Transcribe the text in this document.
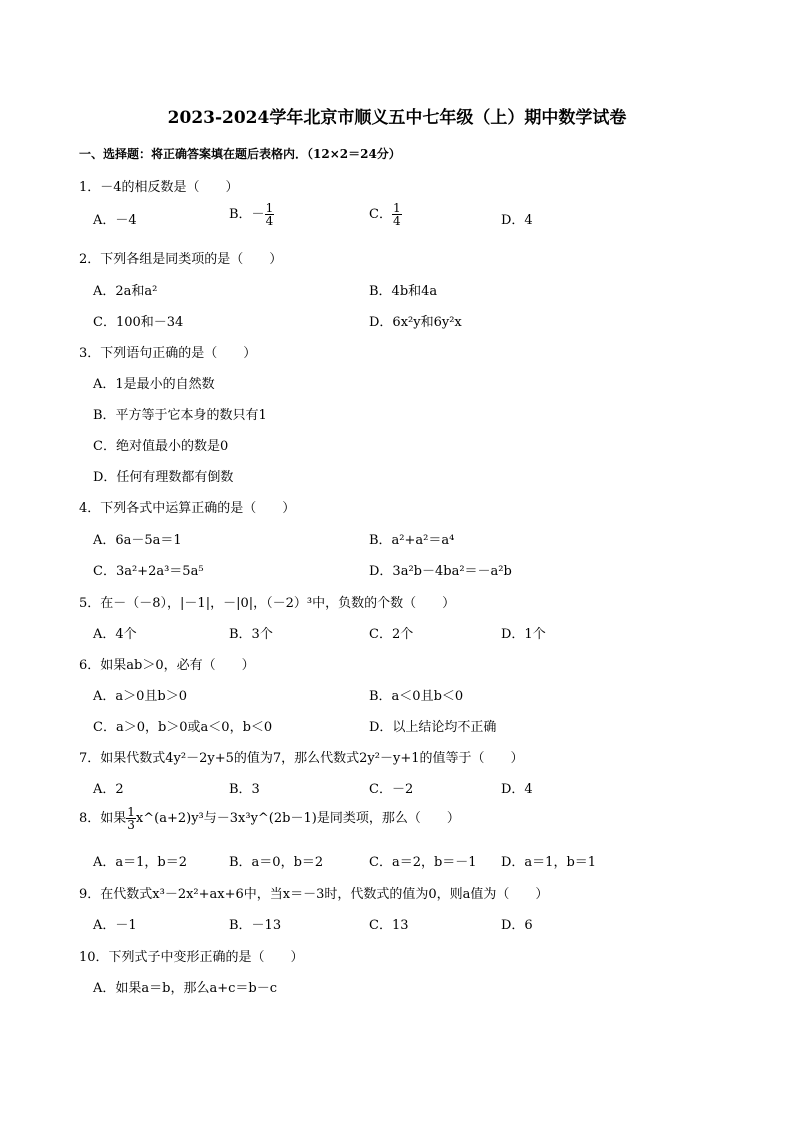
2023-2024学年北京市顺义五中七年级（上）期中数学试卷
一、选择题：将正确答案填在题后表格内．（12×2＝24分）
1．－4的相反数是（　　）
A．－4	B．－ $\frac{1}{4}$	C． $\frac{1}{4}$	D．4
2．下列各组是同类项的是（　　）
A．2a和a²	B．4b和4a
C．100和－34	D．6x²y和6y²x
3．下列语句正确的是（　　）
A．1是最小的自然数
B．平方等于它本身的数只有1
C．绝对值最小的数是0
D．任何有理数都有倒数
4．下列各式中运算正确的是（　　）
A．6a－5a＝1	B．a²+a²＝a⁴
C．3a²+2a³＝5a⁵	D．3a²b－4ba²＝－a²b
5．在－（－8），|－1|，－|0|，（－2）³中，负数的个数（　　）
A．4个	B．3个	C．2个	D．1个
6．如果ab＞0，必有（　　）
A．a＞0且b＞0	B．a＜0且b＜0
C．a＞0，b＞0或a＜0，b＜0	D．以上结论均不正确
7．如果代数式4y²－2y+5的值为7，那么代数式2y²－y+1的值等于（　　）
A．2	B．3	C．－2	D．4
8．如果 $\frac{1}{3}$ x^(a+2)y³与－3x³y^(2b－1)是同类项，那么（　　）
A．a＝1，b＝2	B．a＝0，b＝2	C．a＝2，b＝－1 D．a＝1，b＝1
9．在代数式x³－2x²+ax+6中，当x＝－3时，代数式的值为0，则a值为（　　）
A．－1	B．－13	C．13	D．6
10．下列式子中变形正确的是（　　）
A．如果a＝b，那么a+c＝b－c
